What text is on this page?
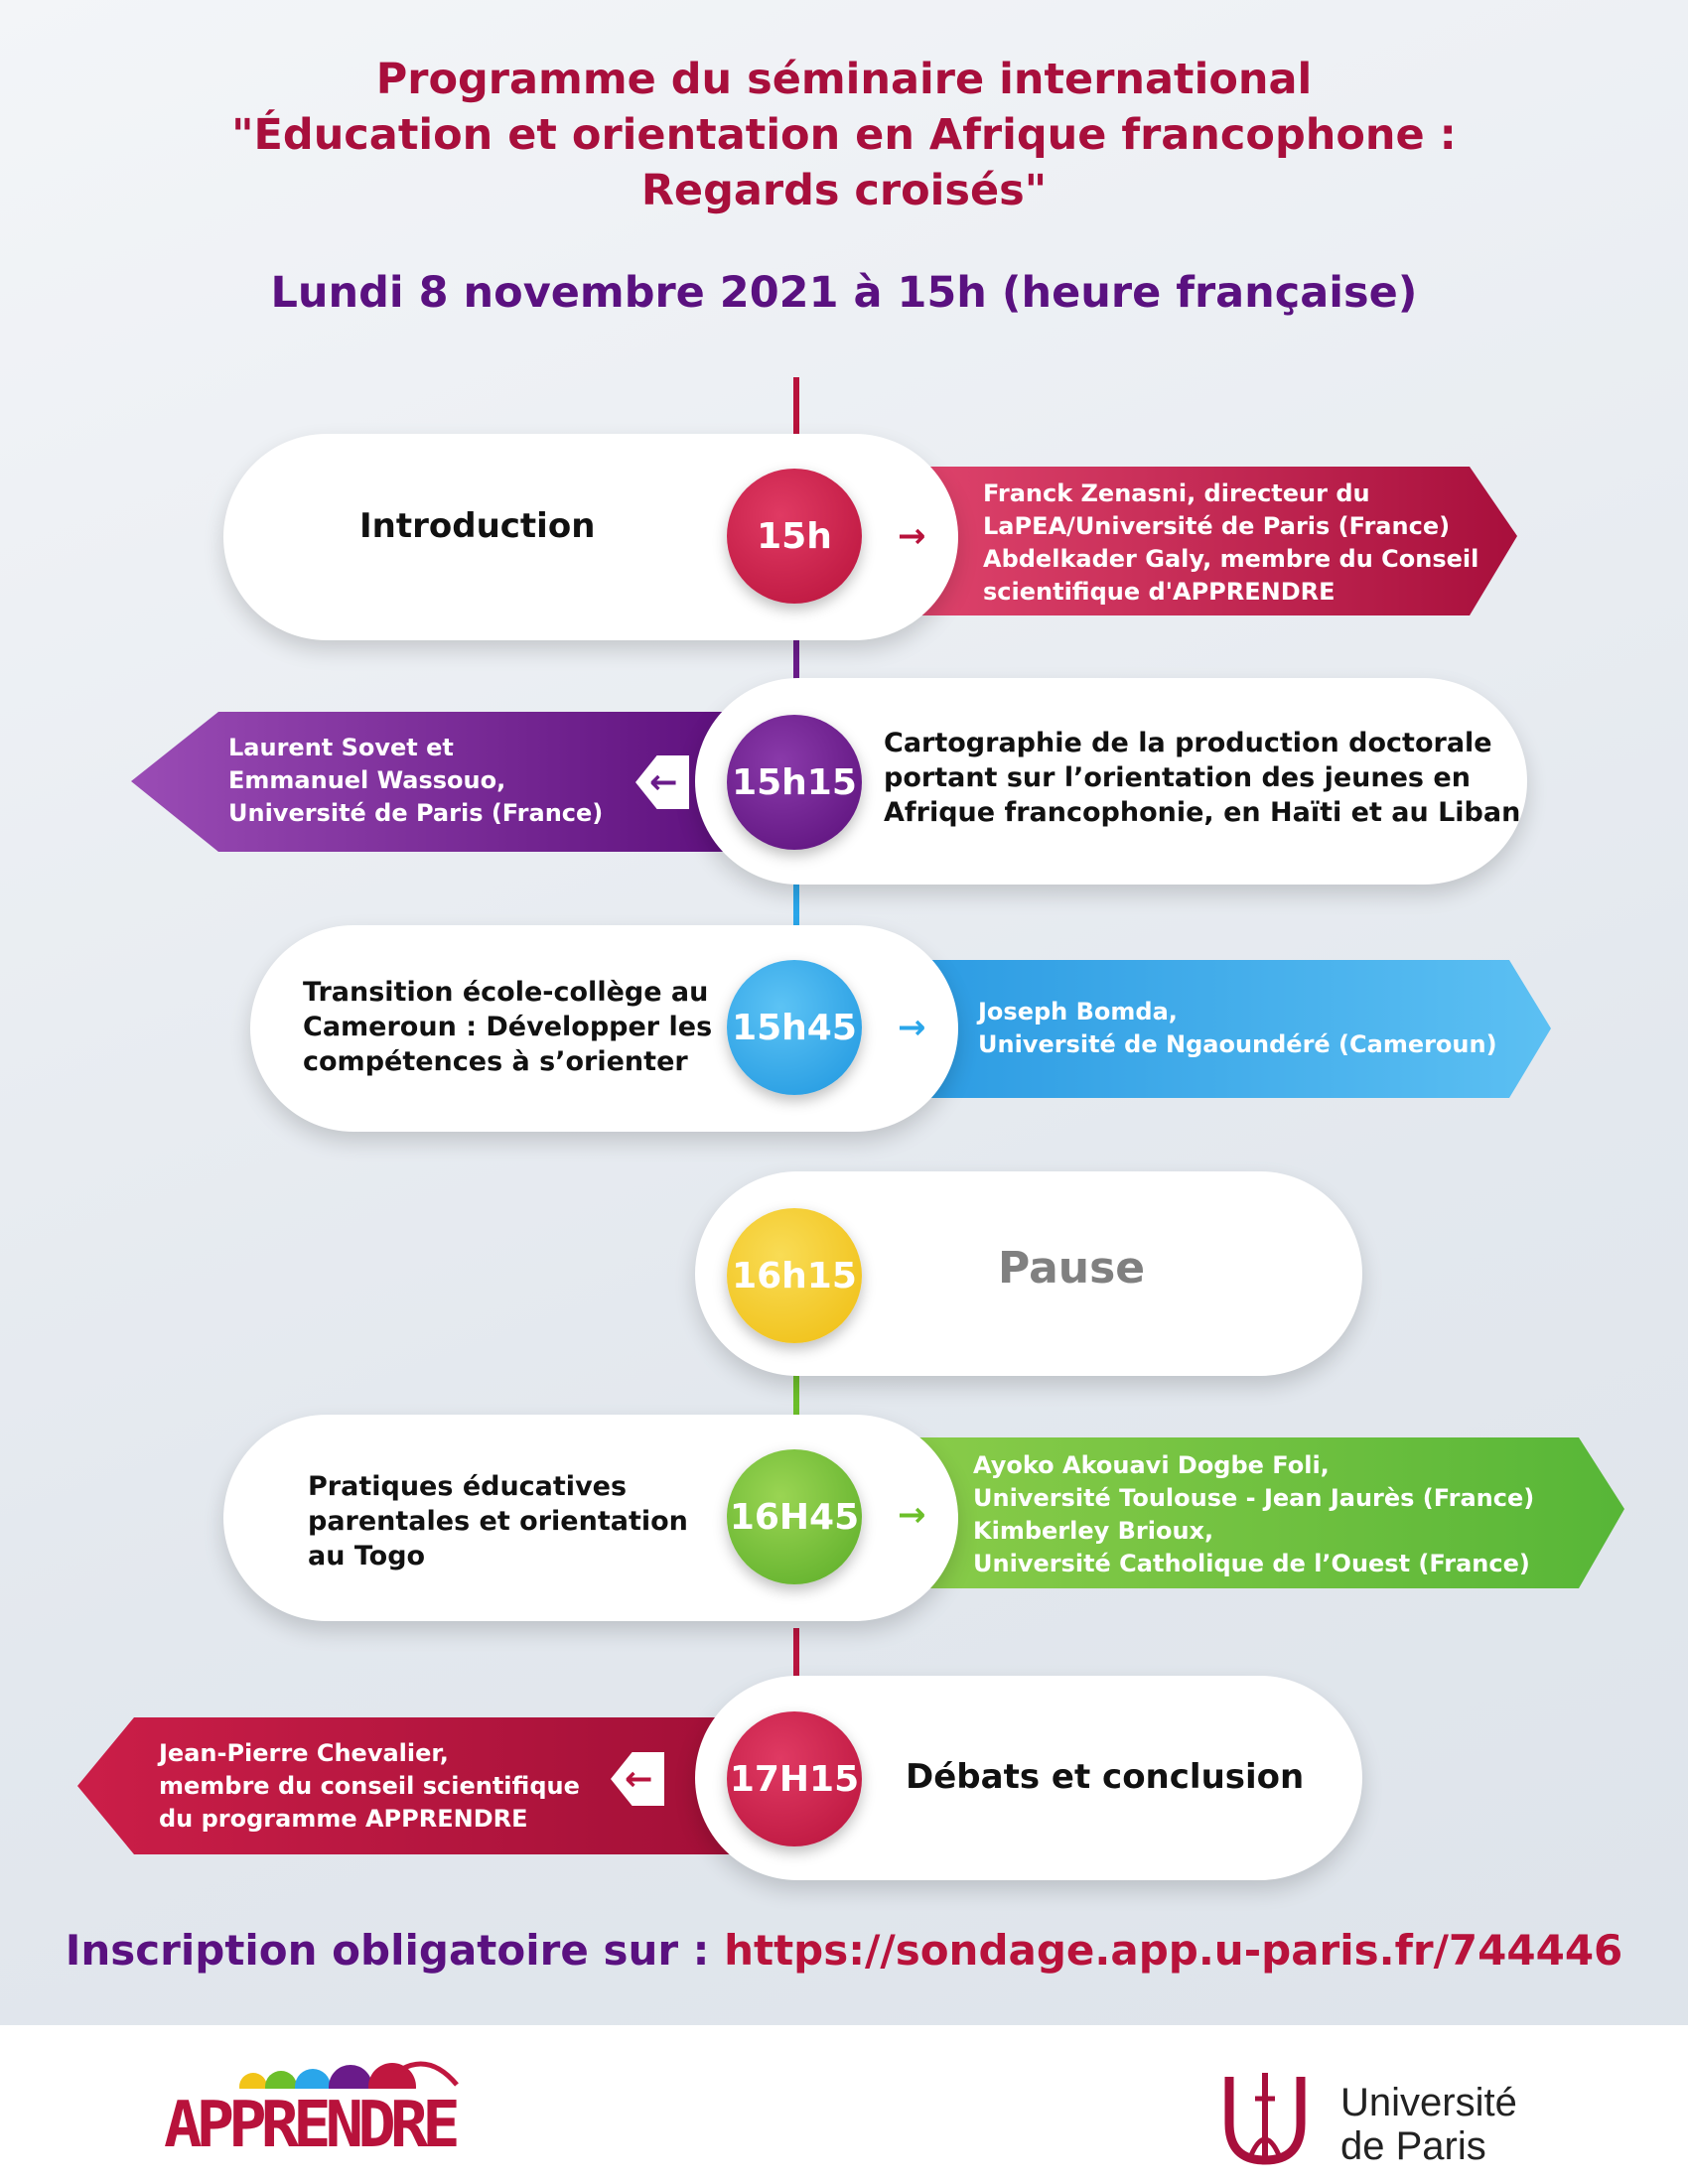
Programme du séminaire international
"Éducation et orientation en Afrique francophone :
Regards croisés"
Lundi 8 novembre 2021 à 15h (heure française)
Introduction	→
15h
Franck Zenasni, directeur du
LaPEA/Université de Paris (France)
Abdelkader Galy, membre du Conseil
scientifique d'APPRENDRE
Cartographie de la production doctorale
portant sur l’orientation des jeunes en
Afrique francophonie, en Haïti et au Liban
← 15h15
Laurent Sovet et
Emmanuel Wassouo,
Université de Paris (France)
Transition école-collège au
Cameroun : Développer les
compétences à s’orienter
→
15h45	Joseph Bomda,
Université de Ngaoundéré (Cameroun)
Pause
16h15
Pratiques éducatives
parentales et orientation
au Togo
→
16H45
Ayoko Akouavi Dogbe Foli,
Université Toulouse - Jean Jaurès (France)
Kimberley Brioux,
Université Catholique de l’Ouest (France)
Débats et conclusion
← 17H15
Jean-Pierre Chevalier,
membre du conseil scientifique
du programme APPRENDRE
Inscription obligatoire sur : https://sondage.app.u-paris.fr/744446
APPRENDRE	Université
de Paris
